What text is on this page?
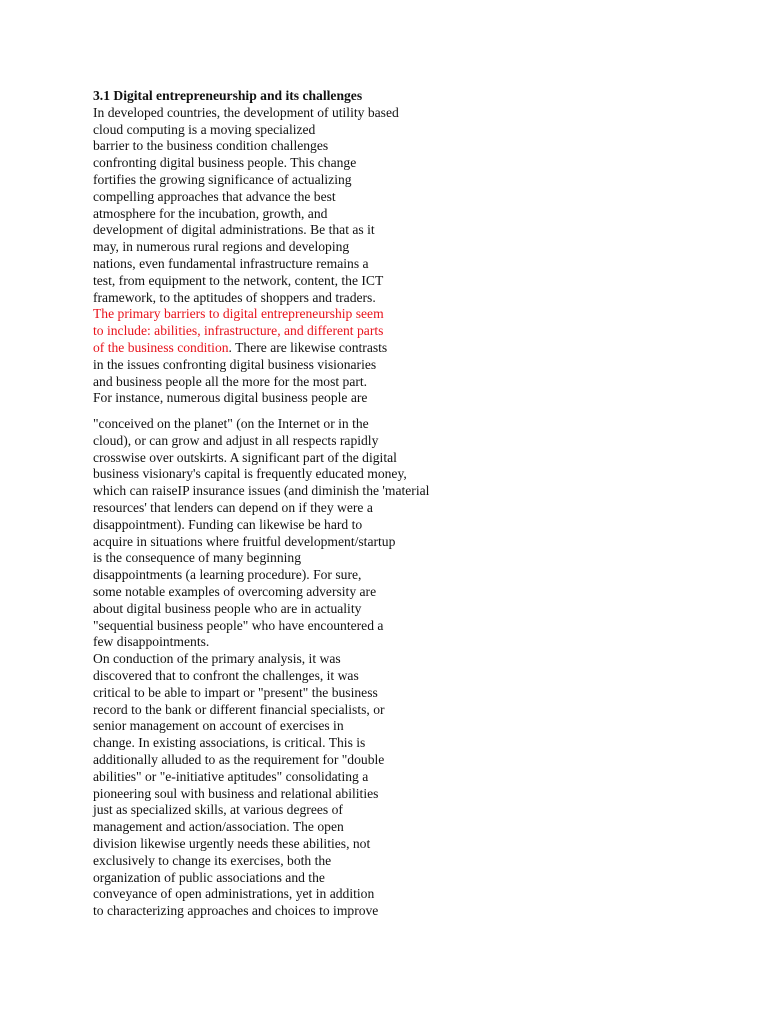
3.1 Digital entrepreneurship and its challenges
In developed countries, the development of utility based
cloud computing is a moving specialized
barrier to the business condition challenges
confronting digital business people. This change
fortifies the growing significance of actualizing
compelling approaches that advance the best
atmosphere for the incubation, growth, and
development of digital administrations. Be that as it
may, in numerous rural regions and developing
nations, even fundamental infrastructure remains a
test, from equipment to the network, content, the ICT
framework, to the aptitudes of shoppers and traders.
The primary barriers to digital entrepreneurship seem
to include: abilities, infrastructure, and different parts
of the business condition. There are likewise contrasts
in the issues confronting digital business visionaries
and business people all the more for the most part.
For instance, numerous digital business people are
"conceived on the planet" (on the Internet or in the
cloud), or can grow and adjust in all respects rapidly
crosswise over outskirts. A significant part of the digital
business visionary's capital is frequently educated money,
which can raiseIP insurance issues (and diminish the 'material
resources' that lenders can depend on if they were a
disappointment). Funding can likewise be hard to
acquire in situations where fruitful development/startup
is the consequence of many beginning
disappointments (a learning procedure). For sure,
some notable examples of overcoming adversity are
about digital business people who are in actuality
"sequential business people" who have encountered a
few disappointments.
On conduction of the primary analysis, it was
discovered that to confront the challenges, it was
critical to be able to impart or "present" the business
record to the bank or different financial specialists, or
senior management on account of exercises in
change. In existing associations, is critical. This is
additionally alluded to as the requirement for "double
abilities" or "e-initiative aptitudes" consolidating a
pioneering soul with business and relational abilities
just as specialized skills, at various degrees of
management and action/association. The open
division likewise urgently needs these abilities, not
exclusively to change its exercises, both the
organization of public associations and the
conveyance of open administrations, yet in addition
to characterizing approaches and choices to improve
